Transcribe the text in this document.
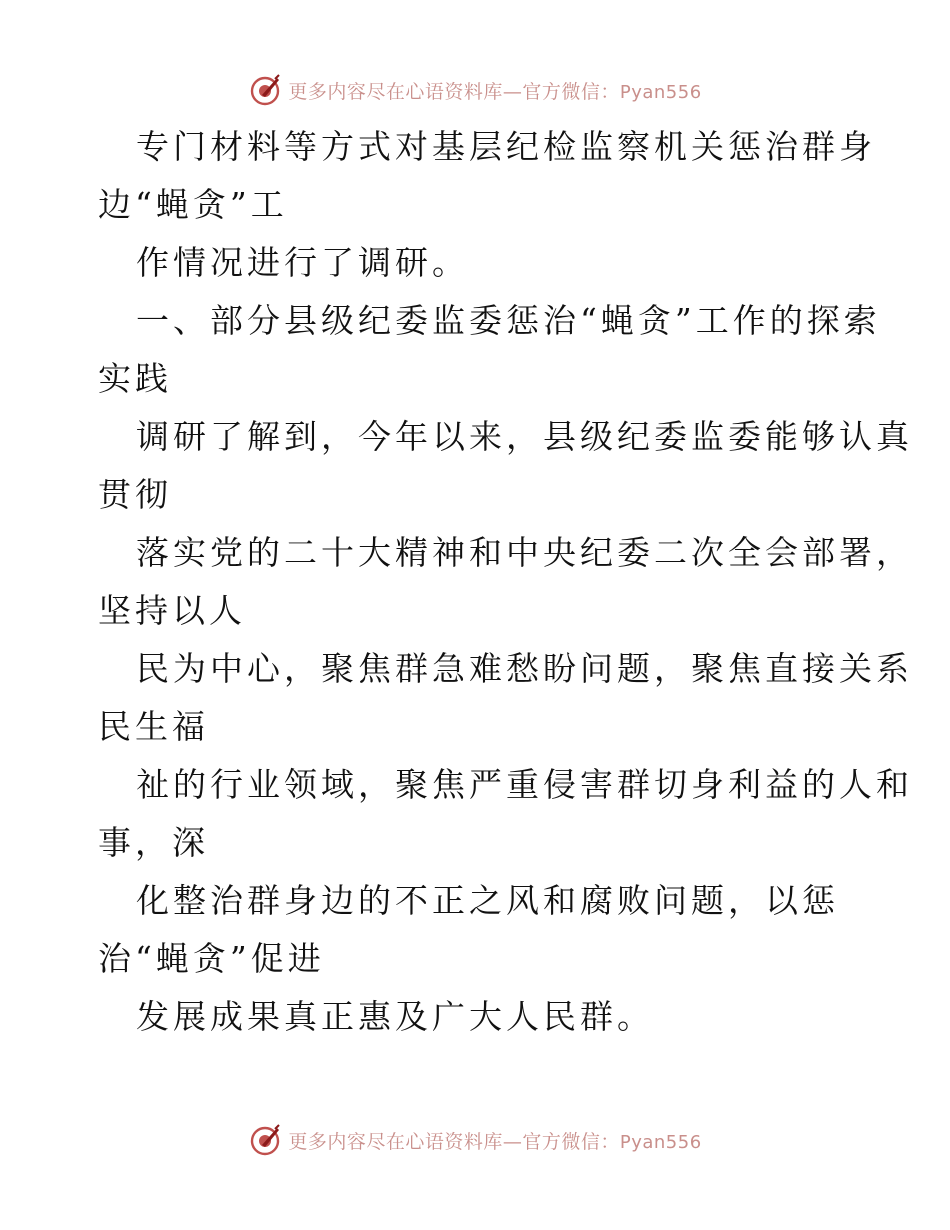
更多内容尽在心语资料库—官方微信：Pyan556

专门材料等方式对基层纪检监察机关惩治群身

边“蝇贪”工

作情况进行了调研。

一、部分县级纪委监委惩治“蝇贪”工作的探索

实践

调研了解到，今年以来，县级纪委监委能够认真

贯彻

落实党的二十大精神和中央纪委二次全会部署，

坚持以人

民为中心，聚焦群急难愁盼问题，聚焦直接关系

民生福

祉的行业领域，聚焦严重侵害群切身利益的人和

事，深

化整治群身边的不正之风和腐败问题，以惩

治“蝇贪”促进

发展成果真正惠及广大人民群。

更多内容尽在心语资料库—官方微信：Pyan556
